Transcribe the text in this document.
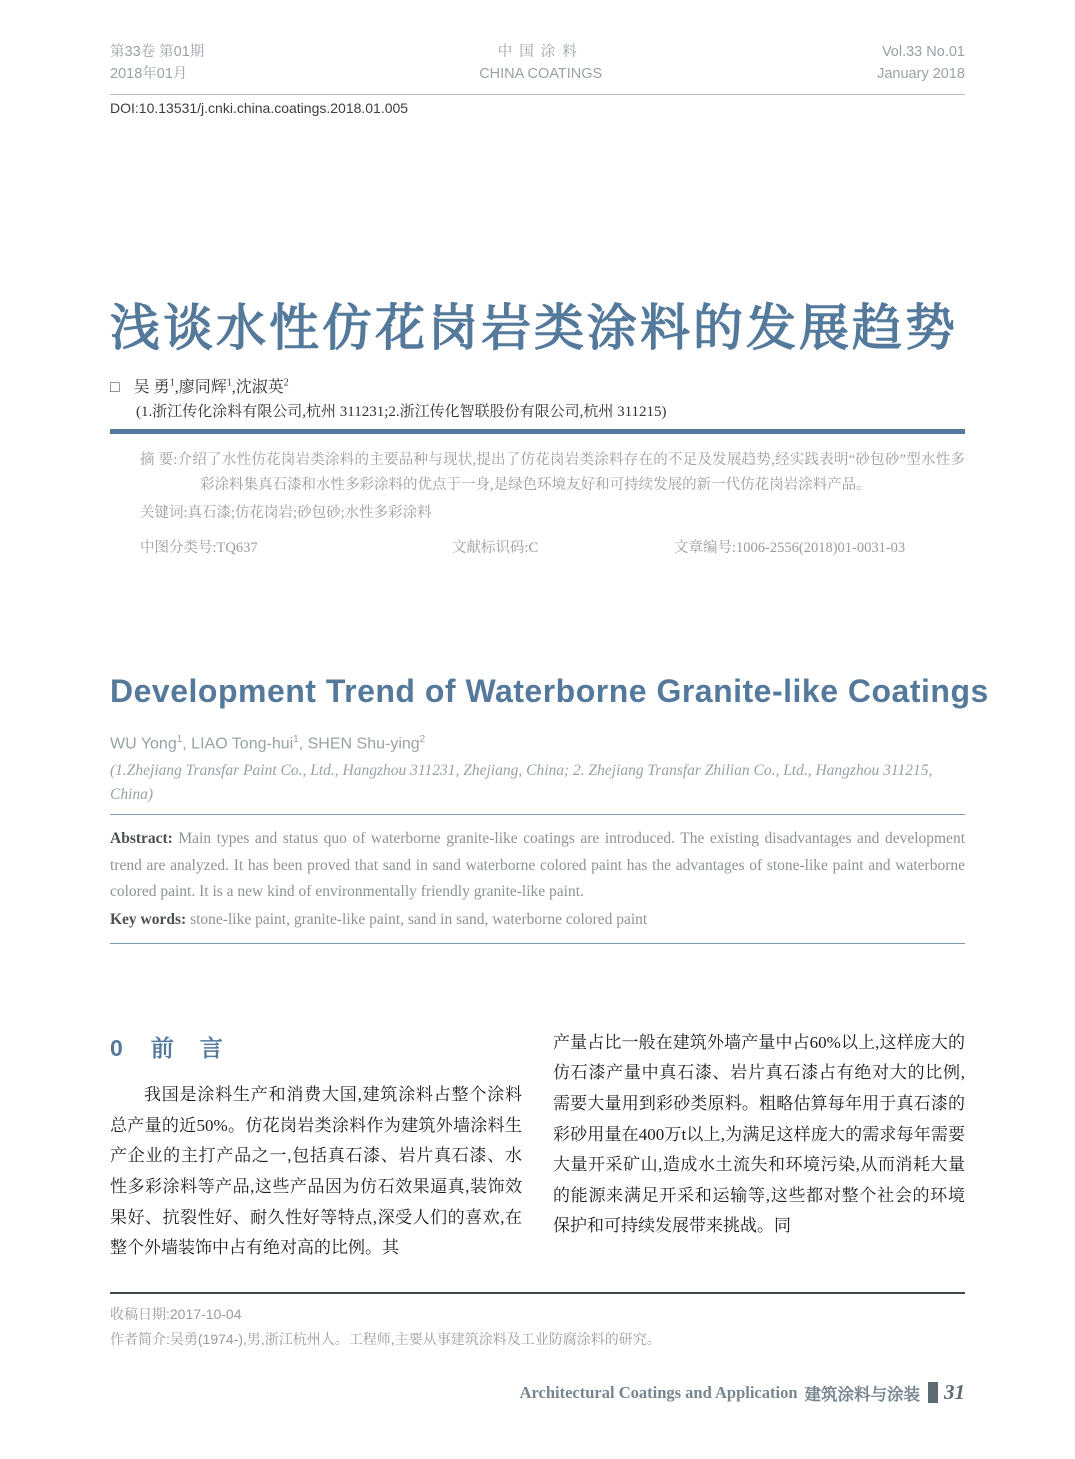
第33卷 第01期
2018年01月
中国涂料
CHINA COATINGS
Vol.33 No.01
January 2018
DOI:10.13531/j.cnki.china.coatings.2018.01.005
浅谈水性仿花岗岩类涂料的发展趋势
□ 吴 勇$^1$,廖同辉$^1$,沈淑英$^2$
(1.浙江传化涂料有限公司,杭州 311231;2.浙江传化智联股份有限公司,杭州 311215)
摘 要:介绍了水性仿花岗岩类涂料的主要品种与现状,提出了仿花岗岩类涂料存在的不足及发展趋势,经实践表明“砂包砂”型水性多彩涂料集真石漆和水性多彩涂料的优点于一身,是绿色环境友好和可持续发展的新一代仿花岗岩涂料产品。
关键词:真石漆;仿花岗岩;砂包砂;水性多彩涂料
中图分类号:TQ637	文献标识码:C	文章编号:1006-2556(2018)01-0031-03
Development Trend of Waterborne Granite-like Coatings
WU Yong$^1$, LIAO Tong-hui$^1$, SHEN Shu-ying$^2$
(1.Zhejiang Transfar Paint Co., Ltd., Hangzhou 311231, Zhejiang, China; 2. Zhejiang Transfar Zhilian Co., Ltd., Hangzhou 311215, China)
Abstract: Main types and status quo of waterborne granite-like coatings are introduced. The existing disadvantages and development trend are analyzed. It has been proved that sand in sand waterborne colored paint has the advantages of stone-like paint and waterborne colored paint. It is a new kind of environmentally friendly granite-like paint.
Key words: stone-like paint, granite-like paint, sand in sand, waterborne colored paint
0 前言

我国是涂料生产和消费大国,建筑涂料占整个涂料总产量的近50%。仿花岗岩类涂料作为建筑外墙涂料生产企业的主打产品之一,包括真石漆、岩片真石漆、水性多彩涂料等产品,这些产品因为仿石效果逼真,装饰效果好、抗裂性好、耐久性好等特点,深受人们的喜欢,在整个外墙装饰中占有绝对高的比例。其

产量占比一般在建筑外墙产量中占60%以上,这样庞大的仿石漆产量中真石漆、岩片真石漆占有绝对大的比例,需要大量用到彩砂类原料。粗略估算每年用于真石漆的彩砂用量在400万t以上,为满足这样庞大的需求每年需要大量开采矿山,造成水土流失和环境污染,从而消耗大量的能源来满足开采和运输等,这些都对整个社会的环境保护和可持续发展带来挑战。同

收稿日期:2017-10-04
作者简介:吴勇(1974-),男,浙江杭州人。工程师,主要从事建筑涂料及工业防腐涂料的研究。
Architectural Coatings and Application 建筑涂料与涂装 31
